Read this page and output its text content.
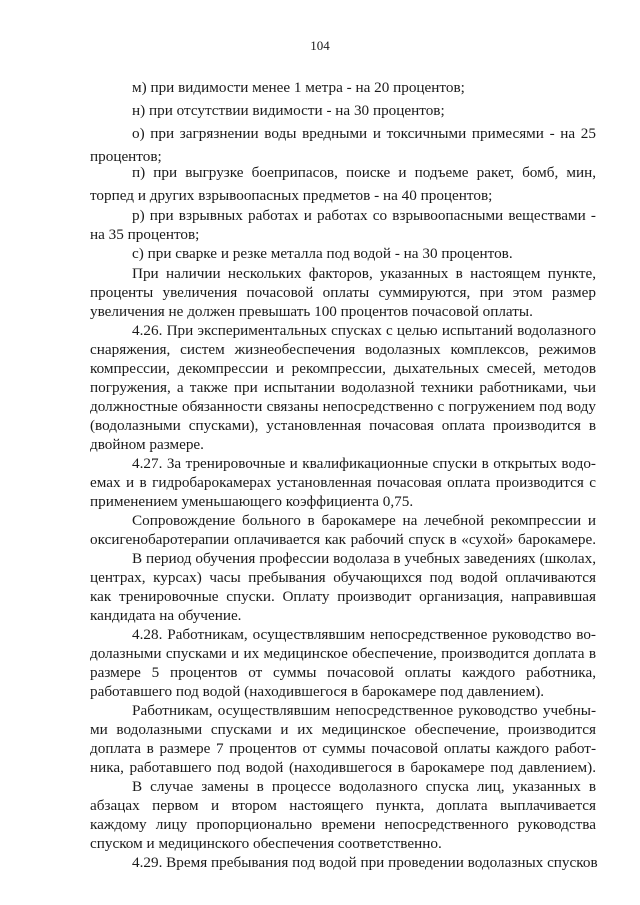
104
м) при видимости менее 1 метра - на 20 процентов;
н) при отсутствии видимости - на 30 процентов;
о) при загрязнении воды вредными и токсичными примесями - на 25
процентов;
п) при выгрузке боеприпасов, поиске и подъеме ракет, бомб, мин,
торпед и других взрывоопасных предметов - на 40 процентов;
р) при взрывных работах и работах со взрывоопасными веществами -
на 35 процентов;
с) при сварке и резке металла под водой - на 30 процентов.
При наличии нескольких факторов, указанных в настоящем пункте,
проценты увеличения почасовой оплаты суммируются, при этом размер
увеличения не должен превышать 100 процентов почасовой оплаты.
4.26. При экспериментальных спусках с целью испытаний водолазного
снаряжения, систем жизнеобеспечения водолазных комплексов, режимов
компрессии, декомпрессии и рекомпрессии, дыхательных смесей, методов
погружения, а также при испытании водолазной техники работниками, чьи
должностные обязанности связаны непосредственно с погружением под воду
(водолазными спусками), установленная почасовая оплата производится в
двойном размере.
4.27. За тренировочные и квалификационные спуски в открытых водо-
емах и в гидробарокамерах установленная почасовая оплата производится с
применением уменьшающего коэффициента 0,75.
Сопровождение больного в барокамере на лечебной рекомпрессии и
оксигенобаротерапии оплачивается как рабочий спуск в «сухой» барокамере.
В период обучения профессии водолаза в учебных заведениях (школах,
центрах, курсах) часы пребывания обучающихся под водой оплачиваются
как тренировочные спуски. Оплату производит организация, направившая
кандидата на обучение.
4.28. Работникам, осуществлявшим непосредственное руководство во-
долазными спусками и их медицинское обеспечение, производится доплата в
размере 5 процентов от суммы почасовой оплаты каждого работника,
работавшего под водой (находившегося в барокамере под давлением).
Работникам, осуществлявшим непосредственное руководство учебны-
ми водолазными спусками и их медицинское обеспечение, производится
доплата в размере 7 процентов от суммы почасовой оплаты каждого работ-
ника, работавшего под водой (находившегося в барокамере под давлением).
В случае замены в процессе водолазного спуска лиц, указанных в
абзацах первом и втором настоящего пункта, доплата выплачивается
каждому лицу пропорционально времени непосредственного руководства
спуском и медицинского обеспечения соответственно.
4.29. Время пребывания под водой при проведении водолазных спусков
